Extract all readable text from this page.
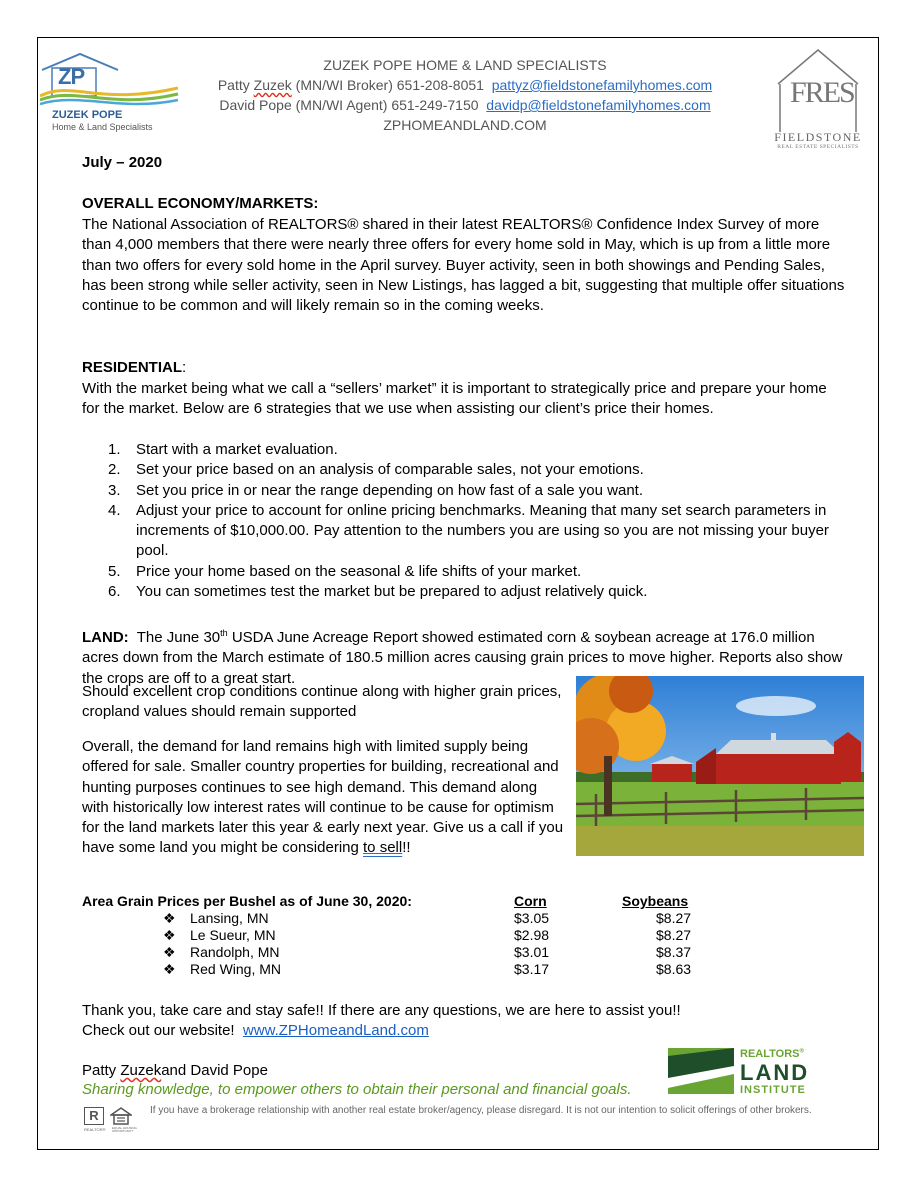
ZP
ZUZEK POPE
Home & Land Specialists
ZUZEK POPE HOME & LAND SPECIALISTS
Patty Zuzek (MN/WI Broker) 651-208-8051 pattyz@fieldstonefamilyhomes.com
David Pope (MN/WI Agent) 651-249-7150 davidp@fieldstonefamilyhomes.com
ZPHOMEANDLAND.COM
FRES
FIELDSTONE
REAL ESTATE SPECIALISTS
July – 2020
OVERALL ECONOMY/MARKETS:
The National Association of REALTORS® shared in their latest REALTORS® Confidence Index Survey of more than 4,000 members that there were nearly three offers for every home sold in May, which is up from a little more than two offers for every sold home in the April survey. Buyer activity, seen in both showings and Pending Sales, has been strong while seller activity, seen in New Listings, has lagged a bit, suggesting that multiple offer situations continue to be common and will likely remain so in the coming weeks.
RESIDENTIAL:
With the market being what we call a “sellers’ market” it is important to strategically price and prepare your home for the market. Below are 6 strategies that we use when assisting our client’s price their homes.
1.	Start with a market evaluation.
2.	Set your price based on an analysis of comparable sales, not your emotions.
3.	Set you price in or near the range depending on how fast of a sale you want.
4.	Adjust your price to account for online pricing benchmarks. Meaning that many set search parameters in increments of $10,000.00. Pay attention to the numbers you are using so you are not missing your buyer pool.
5.	Price your home based on the seasonal & life shifts of your market.
6.	You can sometimes test the market but be prepared to adjust relatively quick.
LAND: The June 30th USDA June Acreage Report showed estimated corn & soybean acreage at 176.0 million acres down from the March estimate of 180.5 million acres causing grain prices to move higher. Reports also show the crops are off to a great start.
Should excellent crop conditions continue along with higher grain prices, cropland values should remain supported
Overall, the demand for land remains high with limited supply being offered for sale. Smaller country properties for building, recreational and hunting purposes continues to see high demand. This demand along with historically low interest rates will continue to be cause for optimism for the land markets later this year & early next year. Give us a call if you have some land you might be considering to sell!!
Area Grain Prices per Bushel as of June 30, 2020:	Corn	Soybeans
❖ Lansing, MN	$3.05	$8.27
❖ Le Sueur, MN	$2.98	$8.27
❖ Randolph, MN	$3.01	$8.37
❖ Red Wing, MN	$3.17	$8.63
Thank you, take care and stay safe!! If there are any questions, we are here to assist you!!
Check out our website! www.ZPHomeandLand.com
Patty Zuzekand David Pope
Sharing knowledge, to empower others to obtain their personal and financial goals.
REALTORS®
LAND
INSTITUTE
R
REALTOR®	EQUAL HOUSING OPPORTUNITY
If you have a brokerage relationship with another real estate broker/agency, please disregard. It is not our intention to solicit offerings of other brokers.
